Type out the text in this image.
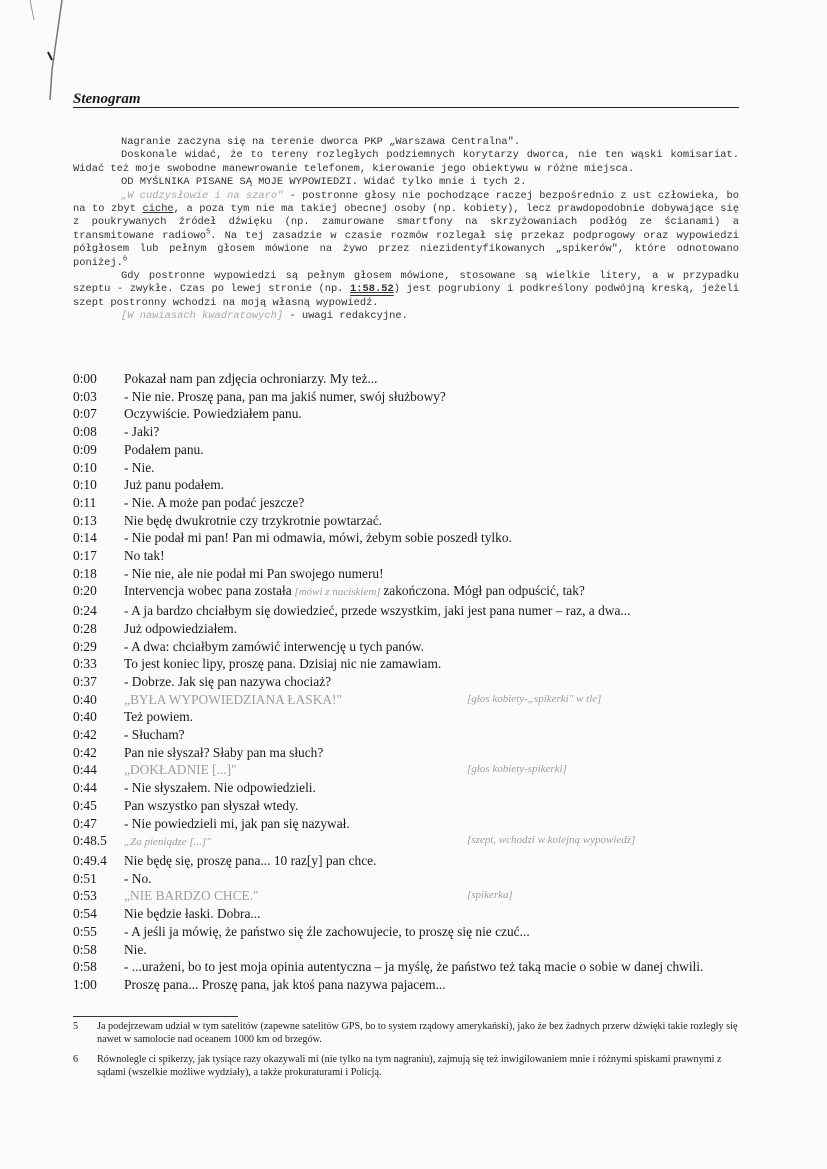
Stenogram

Nagranie zaczyna się na terenie dworca PKP „Warszawa Centralna".

Doskonale widać, że to tereny rozległych podziemnych korytarzy dworca, nie ten wąski komisariat. Widać też moje swobodne manewrowanie telefonem, kierowanie jego obiektywu w różne miejsca.

OD MYŚLNIKA PISANE SĄ MOJE WYPOWIEDZI. Widać tylko mnie i tych 2.

„W cudzysłowie i na szaro" - postronne głosy nie pochodzące raczej bezpośrednio z ust człowieka, bo na to zbyt ciche, a poza tym nie ma takiej obecnej osoby (np. kobiety), lecz prawdopodobnie dobywające się z poukrywanych źródeł dźwięku (np. zamurowane smartfony na skrzyżowaniach podłóg ze ścianami) a transmitowane radiowo$^5$. Na tej zasadzie w czasie rozmów rozlegał się przekaz podprogowy oraz wypowiedzi półgłosem lub pełnym głosem mówione na żywo przez niezidentyfikowanych „spikerów", które odnotowano poniżej.$^6$

Gdy postronne wypowiedzi są pełnym głosem mówione, stosowane są wielkie litery, a w przypadku szeptu - zwykłe. Czas po lewej stronie (np. 1:58.52) jest pogrubiony i podkreślony podwójną kreską, jeżeli szept postronny wchodzi na moją własną wypowiedź.

[W nawiasach kwadratowych] - uwagi redakcyjne.

0:00	Pokazał nam pan zdjęcia ochroniarzy. My też...
0:03	- Nie nie. Proszę pana, pan ma jakiś numer, swój służbowy?
0:07	Oczywiście. Powiedziałem panu.
0:08	- Jaki?
0:09	Podałem panu.
0:10	- Nie.
0:10	Już panu podałem.
0:11	- Nie. A może pan podać jeszcze?
0:13	Nie będę dwukrotnie czy trzykrotnie powtarzać.
0:14	- Nie podał mi pan! Pan mi odmawia, mówi, żebym sobie poszedł tylko.
0:17	No tak!
0:18	- Nie nie, ale nie podał mi Pan swojego numeru!
0:20	Intervencja wobec pana została [mówi z naciskiem] zakończona. Mógł pan odpuścić, tak?
0:24	- A ja bardzo chciałbym się dowiedzieć, przede wszystkim, jaki jest pana numer – raz, a dwa...
0:28	Już odpowiedziałem.
0:29	- A dwa: chciałbym zamówić interwencję u tych panów.
0:33	To jest koniec lipy, proszę pana. Dzisiaj nic nie zamawiam.
0:37	- Dobrze. Jak się pan nazywa chociaż?
0:40	„BYŁA WYPOWIEDZIANA ŁASKA!"	[głos kobiety-„spikerki" w tle]
0:40	Też powiem.
0:42	- Słucham?
0:42	Pan nie słyszał? Słaby pan ma słuch?
0:44	„DOKŁADNIE [...]"	[głos kobiety-spikerki]
0:44	- Nie słyszałem. Nie odpowiedzieli.
0:45	Pan wszystko pan słyszał wtedy.
0:47	- Nie powiedzieli mi, jak pan się nazywał.
0:48.5	„Za pieniądze [...]"	[szept, wchodzi w kolejną wypowiedź]
0:49.4	Nie będę się, proszę pana... 10 raz[y] pan chce.
0:51	- No.
0:53	„NIE BARDZO CHCE."	[spikerka]
0:54	Nie będzie łaski. Dobra...
0:55	- A jeśli ja mówię, że państwo się źle zachowujecie, to proszę się nie czuć...
0:58	Nie.
0:58	- ...urażeni, bo to jest moja opinia autentyczna – ja myślę, że państwo też taką macie o sobie w danej chwili.
1:00	Proszę pana... Proszę pana, jak ktoś pana nazywa pajacem...
5 Ja podejrzewam udział w tym satelitów (zapewne satelitów GPS, bo to system rządowy amerykański), jako że bez żadnych przerw dźwięki takie rozległy się nawet w samolocie nad oceanem 1000 km od brzegów.
6 Równolegle ci spikerzy, jak tysiące razy okazywali mi (nie tylko na tym nagraniu), zajmują się też inwigilowaniem mnie i różnymi spiskami prawnymi z sądami (wszelkie możliwe wydziały), a także prokuraturami i Policją.
